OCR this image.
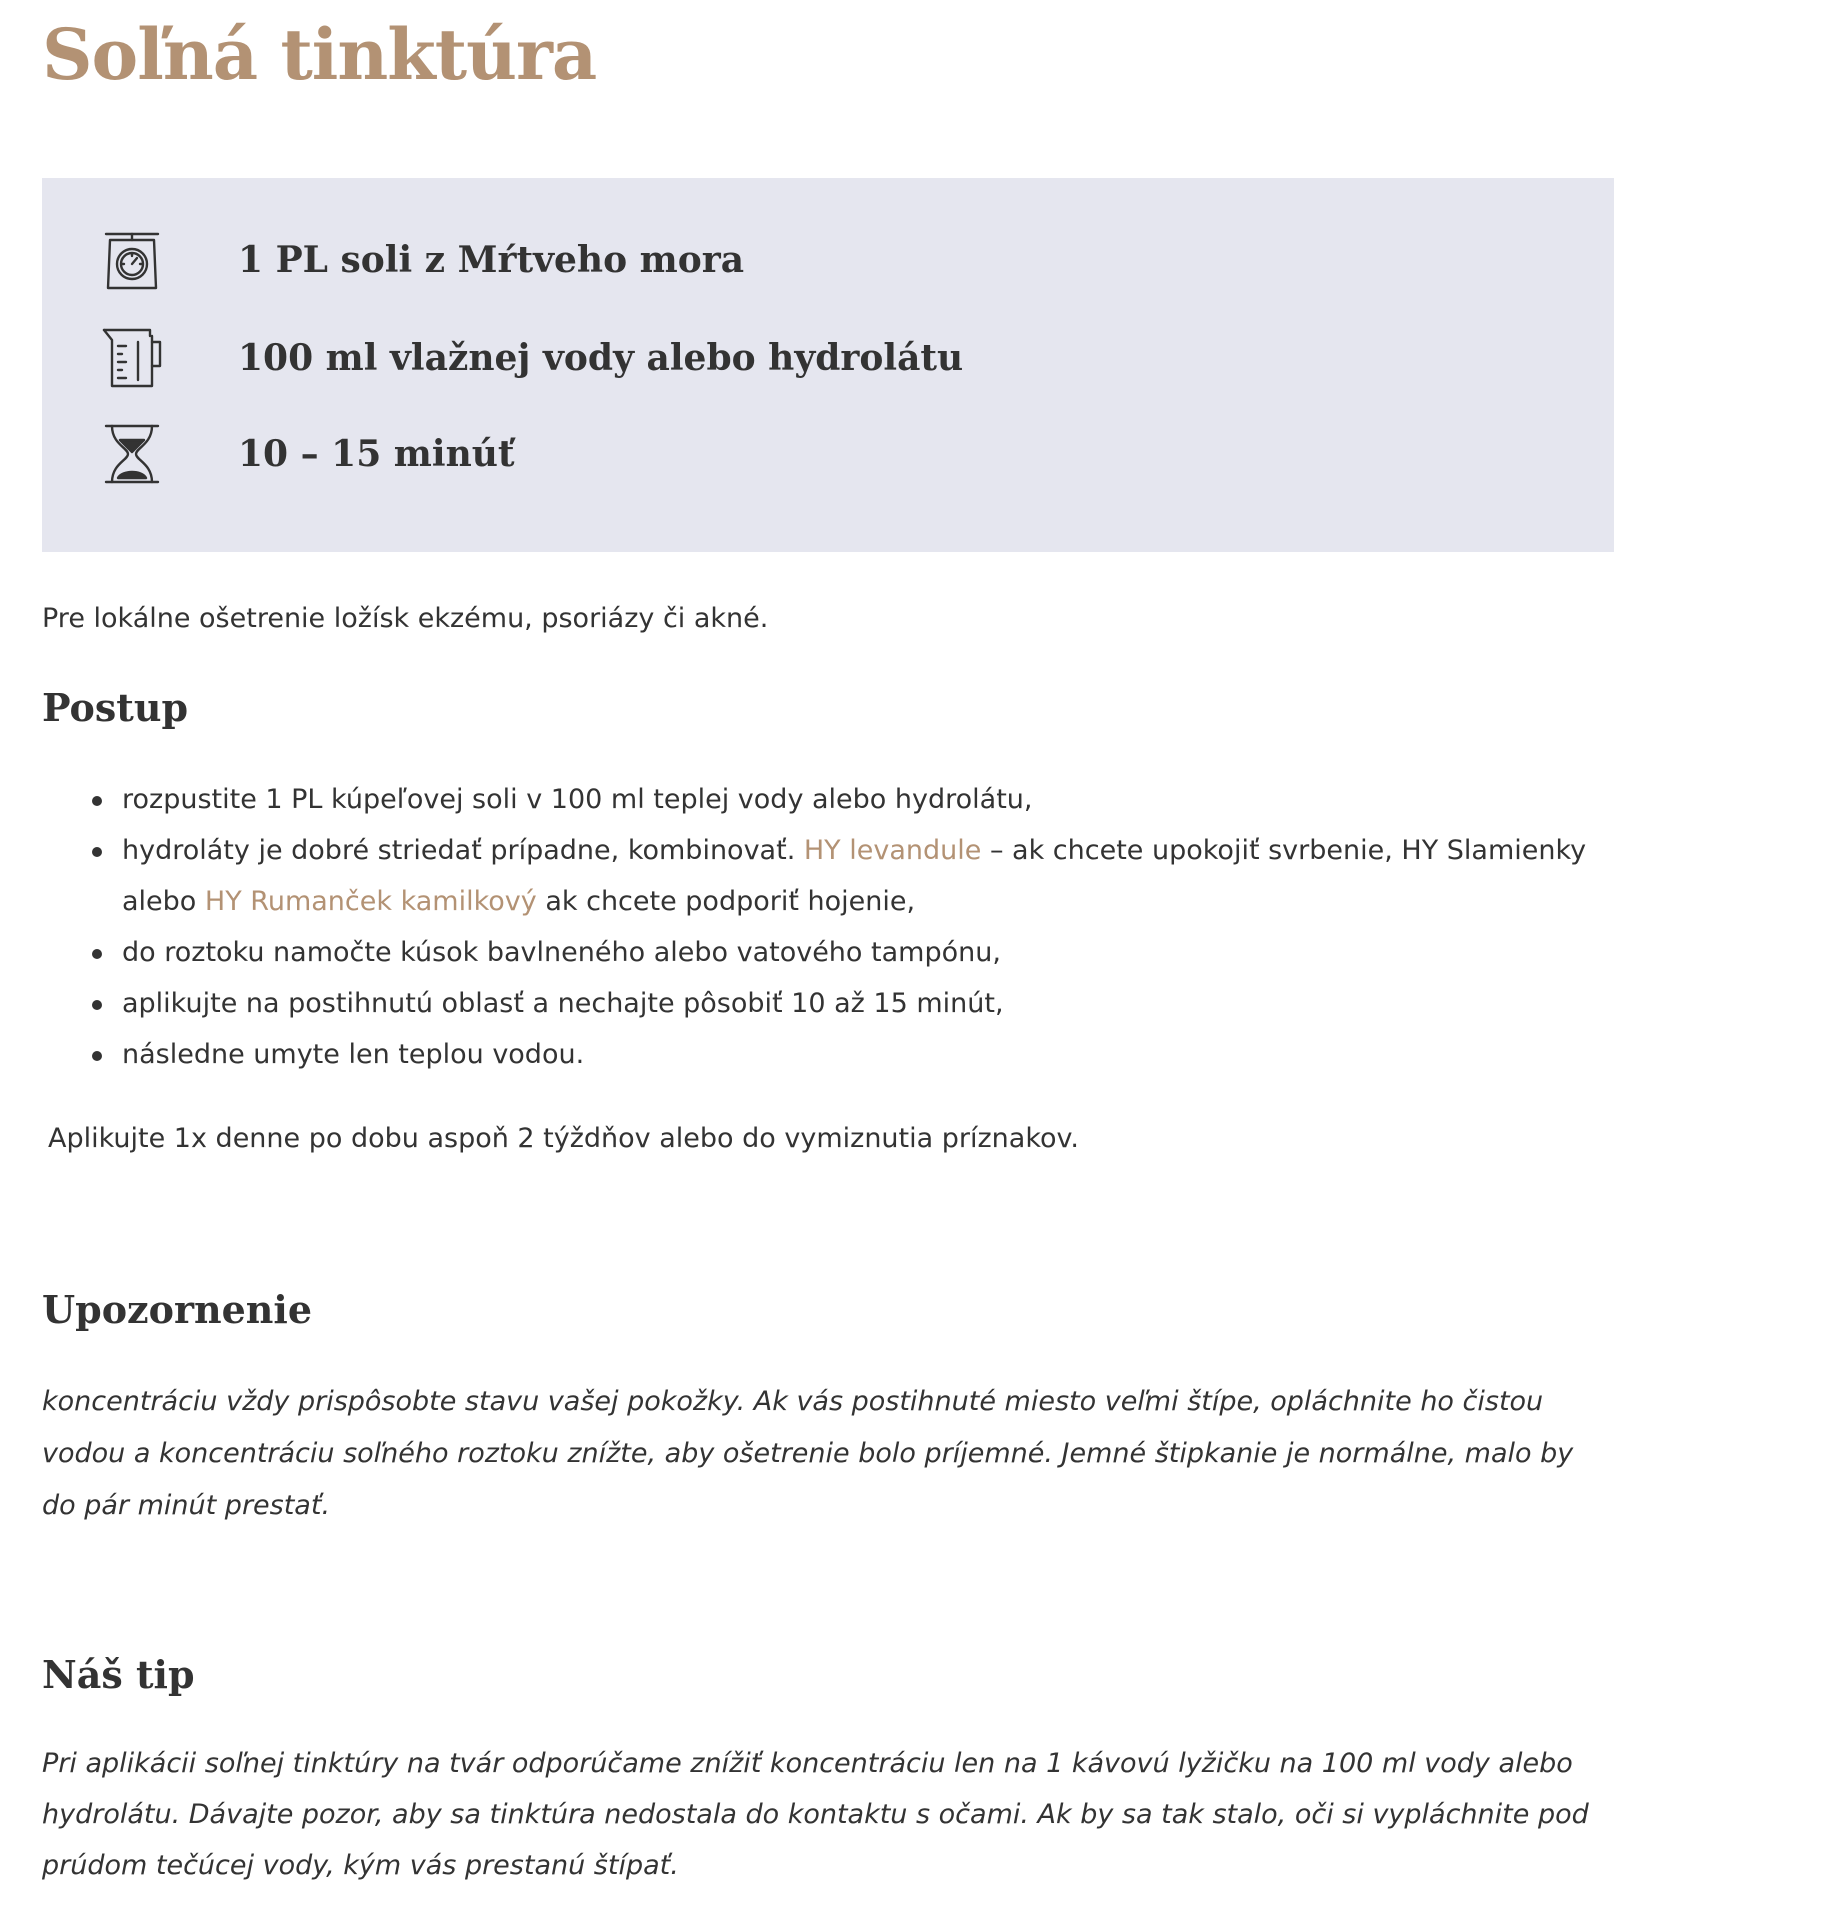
Soľná tinktúra
1 PL soli z Mŕtveho mora
100 ml vlažnej vody alebo hydrolátu
10 – 15 minúť

Pre lokálne ošetrenie ložísk ekzému, psoriázy či akné.

Postup
rozpustite 1 PL kúpeľovej soli v 100 ml teplej vody alebo hydrolátu,
hydroláty je dobré striedať prípadne, kombinovať. HY levandule – ak chcete upokojiť svrbenie, HY Slamienky alebo HY Rumanček kamilkový ak chcete podporiť hojenie,
do roztoku namočte kúsok bavlneného alebo vatového tampónu,
aplikujte na postihnutú oblasť a nechajte pôsobiť 10 až 15 minút,
následne umyte len teplou vodou.

Aplikujte 1x denne po dobu aspoň 2 týždňov alebo do vymiznutia príznakov.

Upozornenie

koncentráciu vždy prispôsobte stavu vašej pokožky. Ak vás postihnuté miesto veľmi štípe, opláchnite ho čistou vodou a koncentráciu soľného roztoku znížte, aby ošetrenie bolo príjemné. Jemné štipkanie je normálne, malo by do pár minút prestať.

Náš tip

Pri aplikácii soľnej tinktúry na tvár odporúčame znížiť koncentráciu len na 1 kávovú lyžičku na 100 ml vody alebo hydrolátu. Dávajte pozor, aby sa tinktúra nedostala do kontaktu s očami. Ak by sa tak stalo, oči si vypláchnite pod prúdom tečúcej vody, kým vás prestanú štípať.
